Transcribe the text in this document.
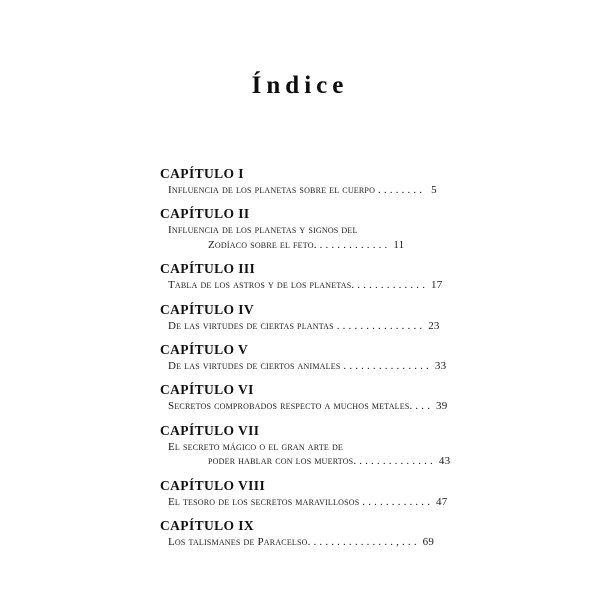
Índice
CAPÍTULO I
Influencia de los planetas sobre el cuerpo . . . . . . . .   5
CAPÍTULO II
Influencia de los planetas y signos del
Zodíaco sobre el feto. . . . . . . . . . . . .  11
CAPÍTULO III
Tabla de los astros y de los planetas. . . . . . . . . . . . .  17
CAPÍTULO IV
De las virtudes de ciertas plantas . . . . . . . . . . . . . . .  23
CAPÍTULO V
De las virtudes de ciertos animales . . . . . . . . . . . . . . .  33
CAPÍTULO VI
Secretos comprobados respecto a muchos metales. . . .  39
CAPÍTULO VII
El secreto mágico o el gran arte de
poder hablar con los muertos. . . . . . . . . . . . . .  43
CAPÍTULO VIII
El tesoro de los secretos maravillosos . . . . . . . . . . . .  47
CAPÍTULO IX
Los talismanes de Paracelso. . . . . . . . . . . . . . . , . . .  69
